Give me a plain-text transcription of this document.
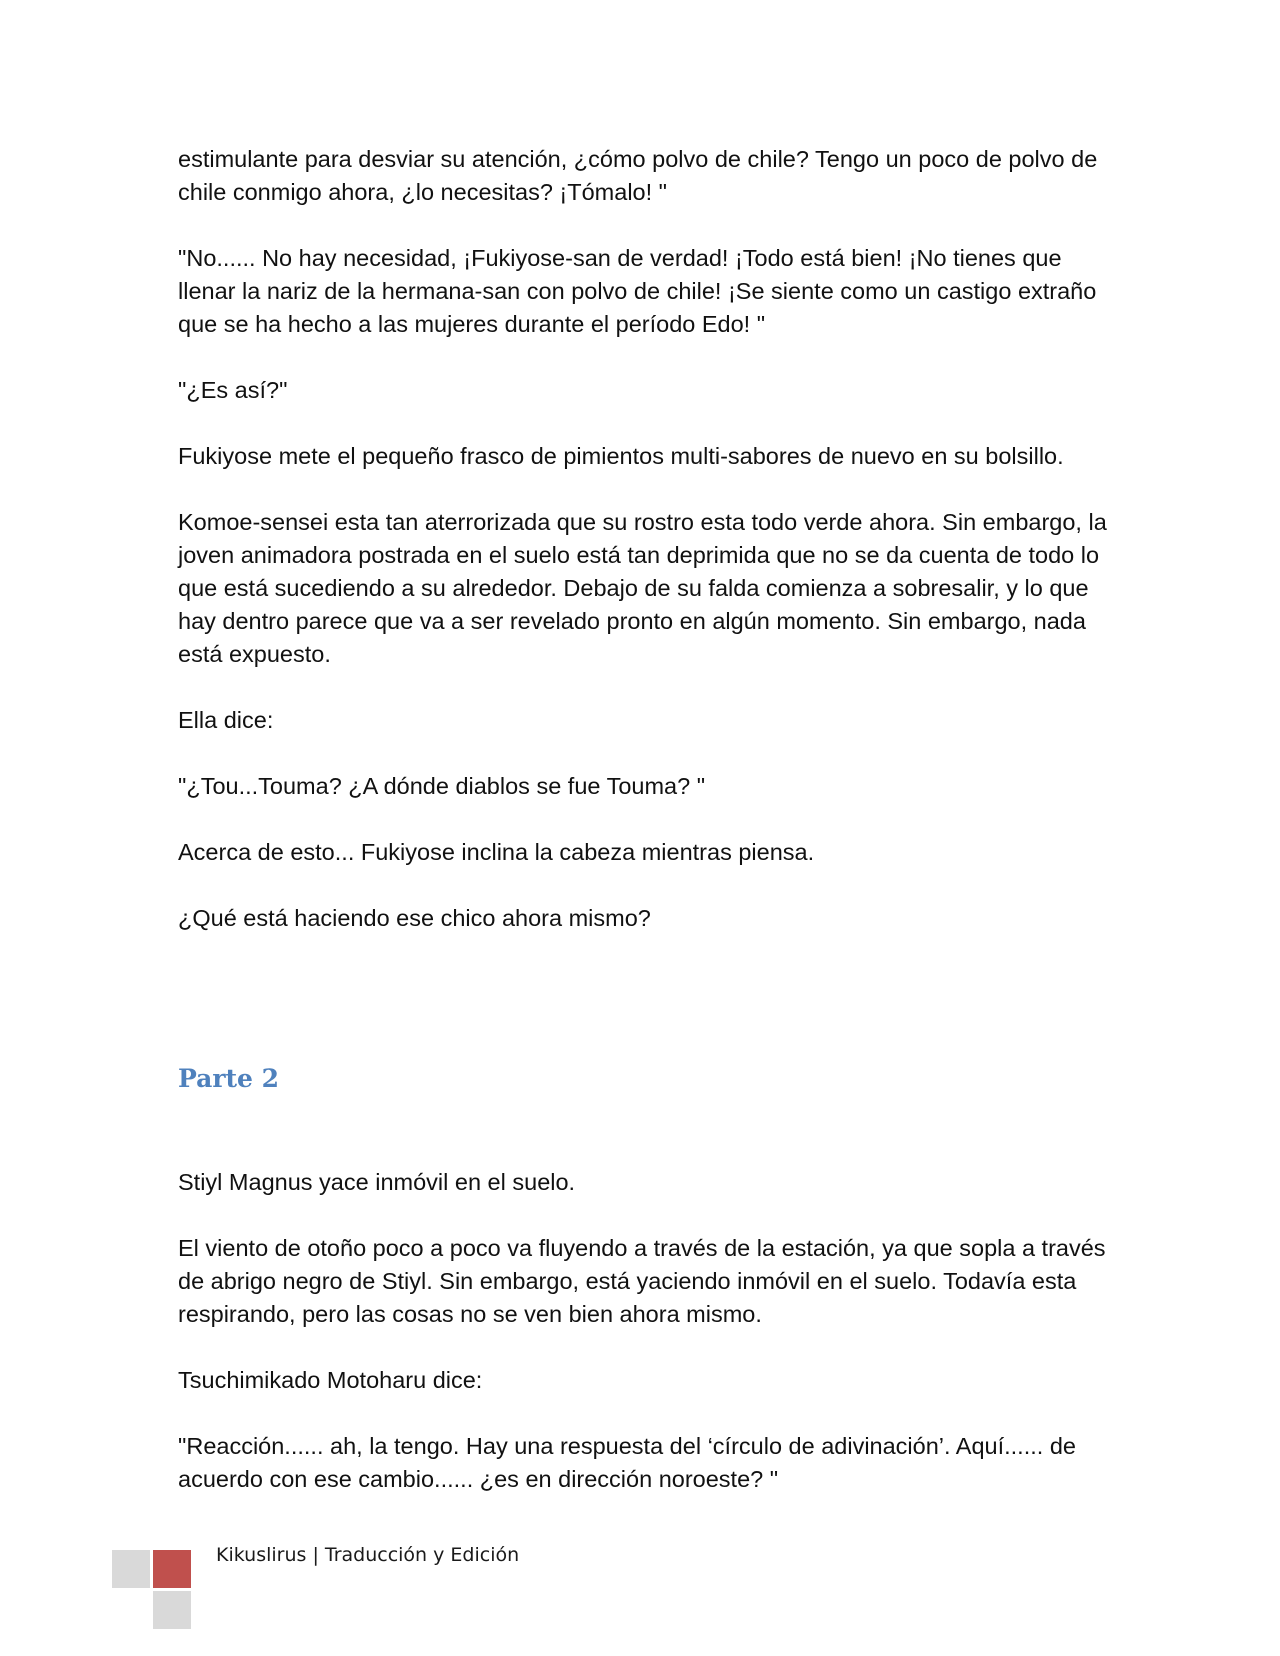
estimulante para desviar su atención, ¿cómo polvo de chile? Tengo un poco de polvo de chile conmigo ahora, ¿lo necesitas? ¡Tómalo! "

"No...... No hay necesidad, ¡Fukiyose-san de verdad! ¡Todo está bien! ¡No tienes que llenar la nariz de la hermana-san con polvo de chile! ¡Se siente como un castigo extraño que se ha hecho a las mujeres durante el período Edo! "

"¿Es así?"

Fukiyose mete el pequeño frasco de pimientos multi-sabores de nuevo en su bolsillo.

Komoe-sensei esta tan aterrorizada que su rostro esta todo verde ahora. Sin embargo, la joven animadora postrada en el suelo está tan deprimida que no se da cuenta de todo lo que está sucediendo a su alrededor. Debajo de su falda comienza a sobresalir, y lo que hay dentro parece que va a ser revelado pronto en algún momento. Sin embargo, nada está expuesto.

Ella dice:

"¿Tou...Touma? ¿A dónde diablos se fue Touma? "

Acerca de esto... Fukiyose inclina la cabeza mientras piensa.

¿Qué está haciendo ese chico ahora mismo?

Parte 2

Stiyl Magnus yace inmóvil en el suelo.

El viento de otoño poco a poco va fluyendo a través de la estación, ya que sopla a través de abrigo negro de Stiyl. Sin embargo, está yaciendo inmóvil en el suelo. Todavía esta respirando, pero las cosas no se ven bien ahora mismo.

Tsuchimikado Motoharu dice:

"Reacción...... ah, la tengo. Hay una respuesta del ‘círculo de adivinación’. Aquí...... de acuerdo con ese cambio...... ¿es en dirección noroeste? "

Kikuslirus | Traducción y Edición
